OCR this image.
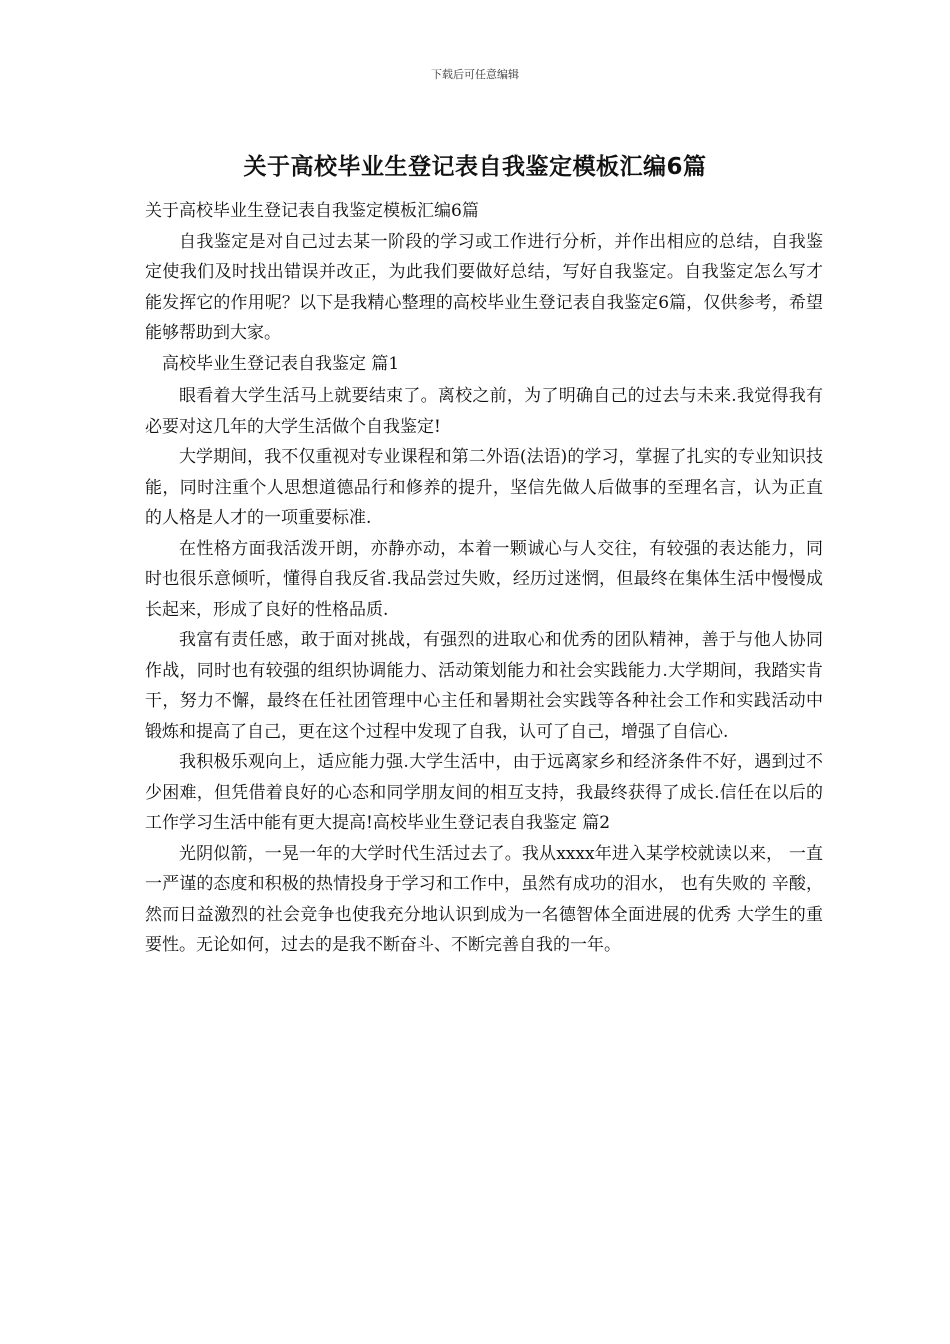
下载后可任意编辑
关于高校毕业生登记表自我鉴定模板汇编6篇

关于高校毕业生登记表自我鉴定模板汇编6篇

自我鉴定是对自己过去某一阶段的学习或工作进行分析，并作出相应的总结，自我鉴定使我们及时找出错误并改正，为此我们要做好总结，写好自我鉴定。自我鉴定怎么写才能发挥它的作用呢？以下是我精心整理的高校毕业生登记表自我鉴定6篇，仅供参考，希望能够帮助到大家。

高校毕业生登记表自我鉴定 篇1

眼看着大学生活马上就要结束了。离校之前，为了明确自己的过去与未来.我觉得我有必要对这几年的大学生活做个自我鉴定!

大学期间，我不仅重视对专业课程和第二外语(法语)的学习，掌握了扎实的专业知识技能，同时注重个人思想道德品行和修养的提升，坚信先做人后做事的至理名言，认为正直的人格是人才的一项重要标准.

在性格方面我活泼开朗，亦静亦动，本着一颗诚心与人交往，有较强的表达能力，同时也很乐意倾听，懂得自我反省.我品尝过失败，经历过迷惘，但最终在集体生活中慢慢成长起来，形成了良好的性格品质.

我富有责任感，敢于面对挑战，有强烈的进取心和优秀的团队精神，善于与他人协同作战，同时也有较强的组织协调能力、活动策划能力和社会实践能力.大学期间，我踏实肯干，努力不懈，最终在任社团管理中心主任和暑期社会实践等各种社会工作和实践活动中锻炼和提高了自己，更在这个过程中发现了自我，认可了自己，增强了自信心.

我积极乐观向上，适应能力强.大学生活中，由于远离家乡和经济条件不好，遇到过不少困难，但凭借着良好的心态和同学朋友间的相互支持，我最终获得了成长.信任在以后的工作学习生活中能有更大提高!高校毕业生登记表自我鉴定 篇2

光阴似箭，一晃一年的大学时代生活过去了。我从xxxx年进入某学校就读以来， 一直一严谨的态度和积极的热情投身于学习和工作中，虽然有成功的泪水， 也有失败的 辛酸，然而日益激烈的社会竞争也使我充分地认识到成为一名德智体全面进展的优秀 大学生的重要性。无论如何，过去的是我不断奋斗、不断完善自我的一年。
